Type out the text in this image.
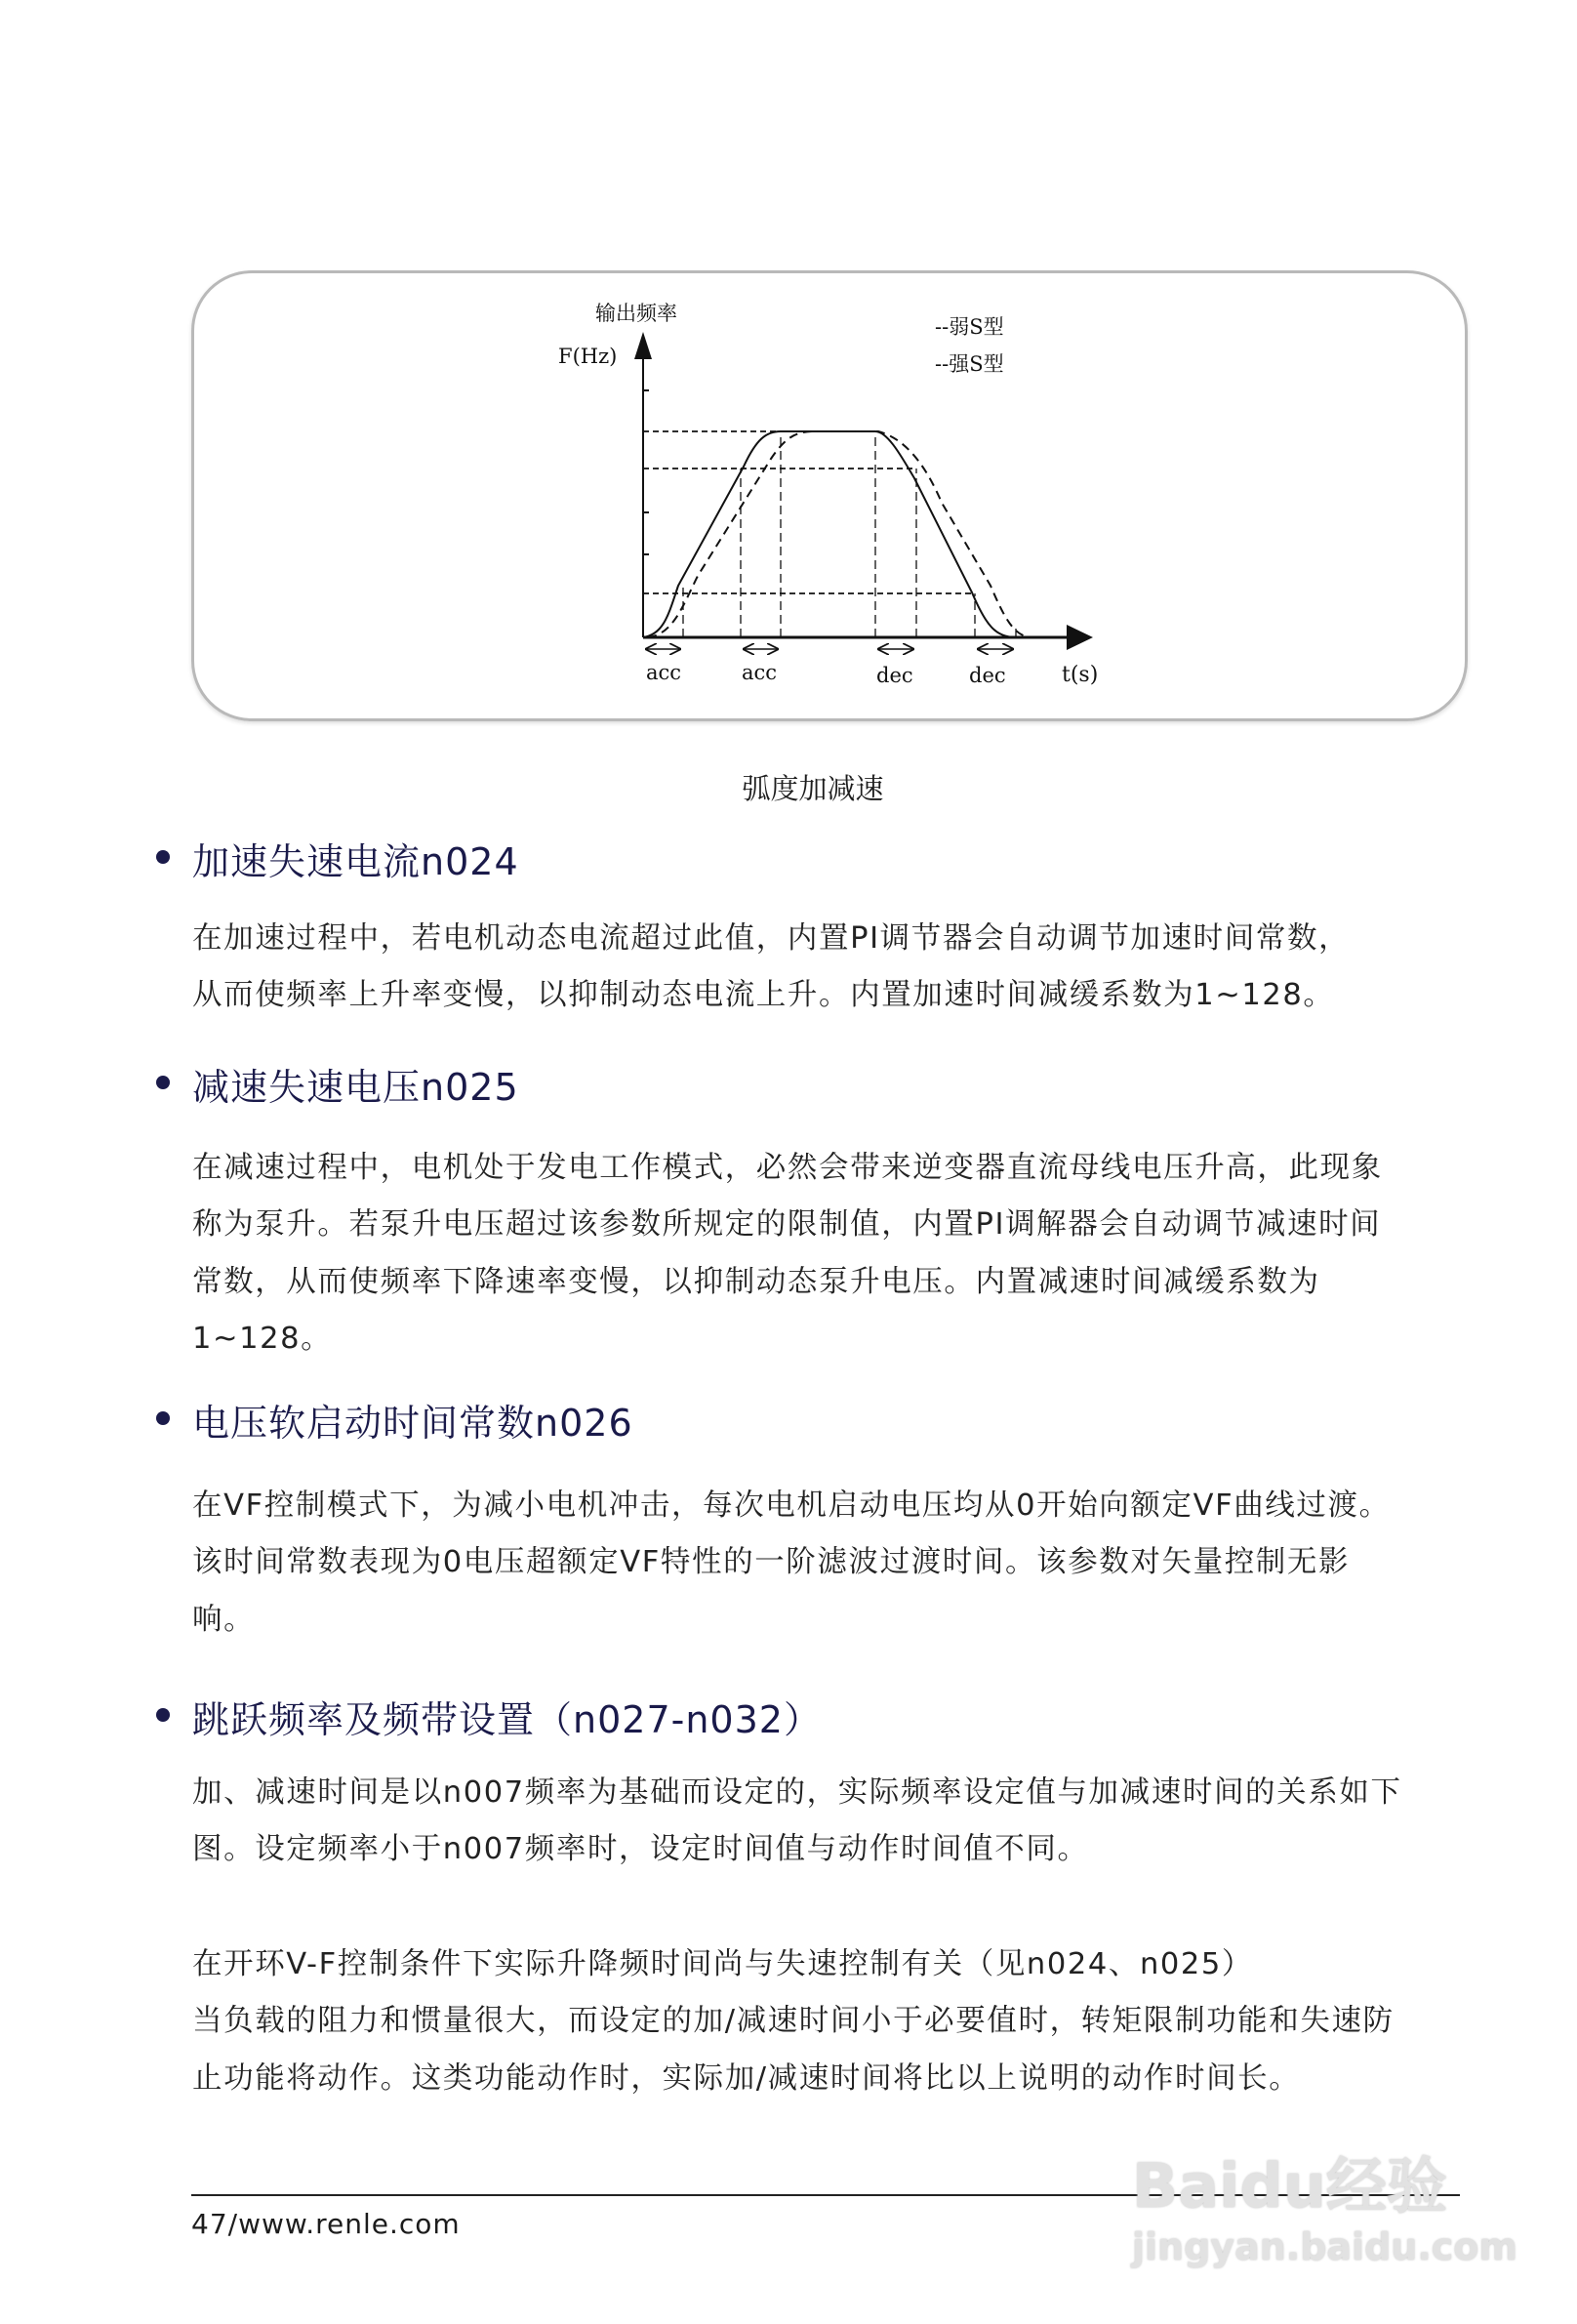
输出频率
F(Hz)
--弱S型
--强S型
acc	acc	dec	dec	t(s)
弧度加减速
加速失速电流n024
在加速过程中，若电机动态电流超过此值，内置PI调节器会自动调节加速时间常数，
从而使频率上升率变慢，以抑制动态电流上升。内置加速时间减缓系数为1~128。
减速失速电压n025
在减速过程中，电机处于发电工作模式，必然会带来逆变器直流母线电压升高，此现象
称为泵升。若泵升电压超过该参数所规定的限制值，内置PI调解器会自动调节减速时间
常数，从而使频率下降速率变慢，以抑制动态泵升电压。内置减速时间减缓系数为
1~128。
电压软启动时间常数n026
在VF控制模式下，为减小电机冲击，每次电机启动电压均从0开始向额定VF曲线过渡。
该时间常数表现为0电压超额定VF特性的一阶滤波过渡时间。该参数对矢量控制无影
响。
跳跃频率及频带设置（n027-n032）
加、减速时间是以n007频率为基础而设定的，实际频率设定值与加减速时间的关系如下
图。设定频率小于n007频率时，设定时间值与动作时间值不同。
在开环V-F控制条件下实际升降频时间尚与失速控制有关（见n024、n025）
当负载的阻力和惯量很大，而设定的加/减速时间小于必要值时，转矩限制功能和失速防
止功能将动作。这类功能动作时，实际加/减速时间将比以上说明的动作时间长。
47/www.renle.com
Baidu经验
jingyan.baidu.com
